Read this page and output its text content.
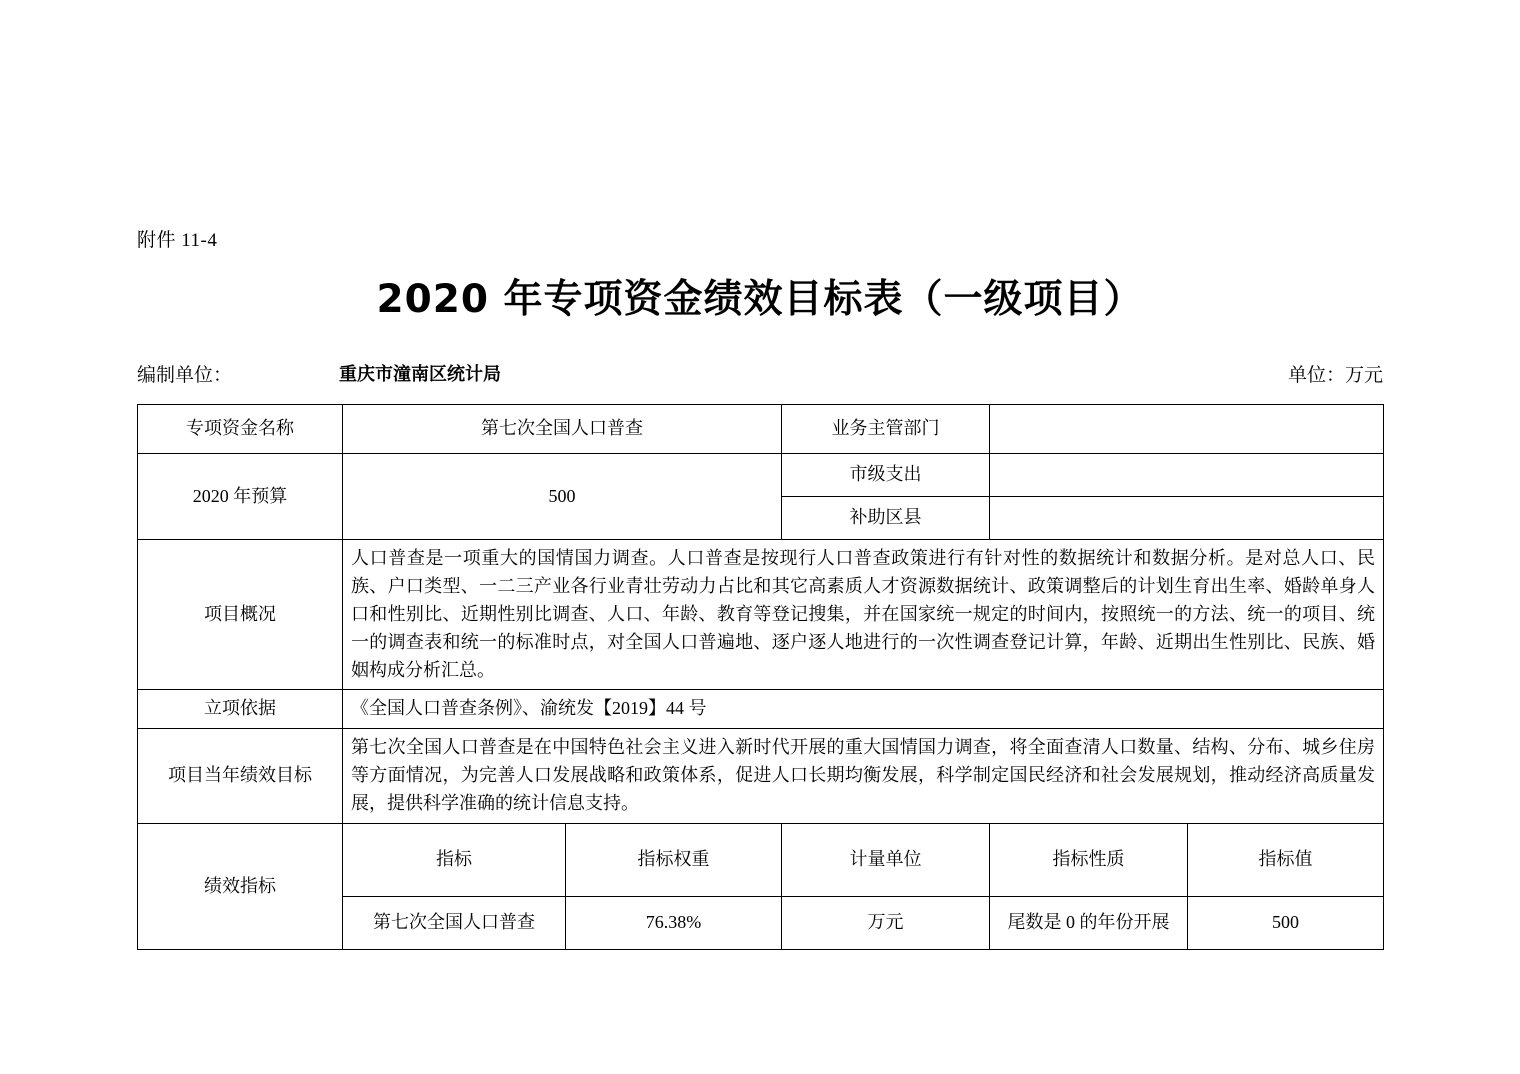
附件 11-4
2020 年专项资金绩效目标表（一级项目）
编制单位：	重庆市潼南区统计局	单位：万元
专项资金名称	第七次全国人口普查		业务主管部门		
2020 年预算	500		市级支出		
			补助区县		
项目概况	人口普查是一项重大的国情国力调查。人口普查是按现行人口普查政策进行有针对性的数据统计和数据分析。是对总人口、民族、户口类型、一二三产业各行业青壮劳动力占比和其它高素质人才资源数据统计、政策调整后的计划生育出生率、婚龄单身人口和性别比、近期性别比调查、人口、年龄、教育等登记搜集，并在国家统一规定的时间内，按照统一的方法、统一的项目、统一的调查表和统一的标准时点，对全国人口普遍地、逐户逐人地进行的一次性调查登记计算，年龄、近期出生性别比、民族、婚姻构成分析汇总。				
立项依据	《全国人口普查条例》、渝统发【2019】44 号				
项目当年绩效目标	第七次全国人口普查是在中国特色社会主义进入新时代开展的重大国情国力调查，将全面查清人口数量、结构、分布、城乡住房等方面情况，为完善人口发展战略和政策体系，促进人口长期均衡发展，科学制定国民经济和社会发展规划，推动经济高质量发展，提供科学准确的统计信息支持。				
绩效指标	指标	指标权重	计量单位	指标性质	指标值
	第七次全国人口普查	76.38%	万元	尾数是 0 的年份开展	500
